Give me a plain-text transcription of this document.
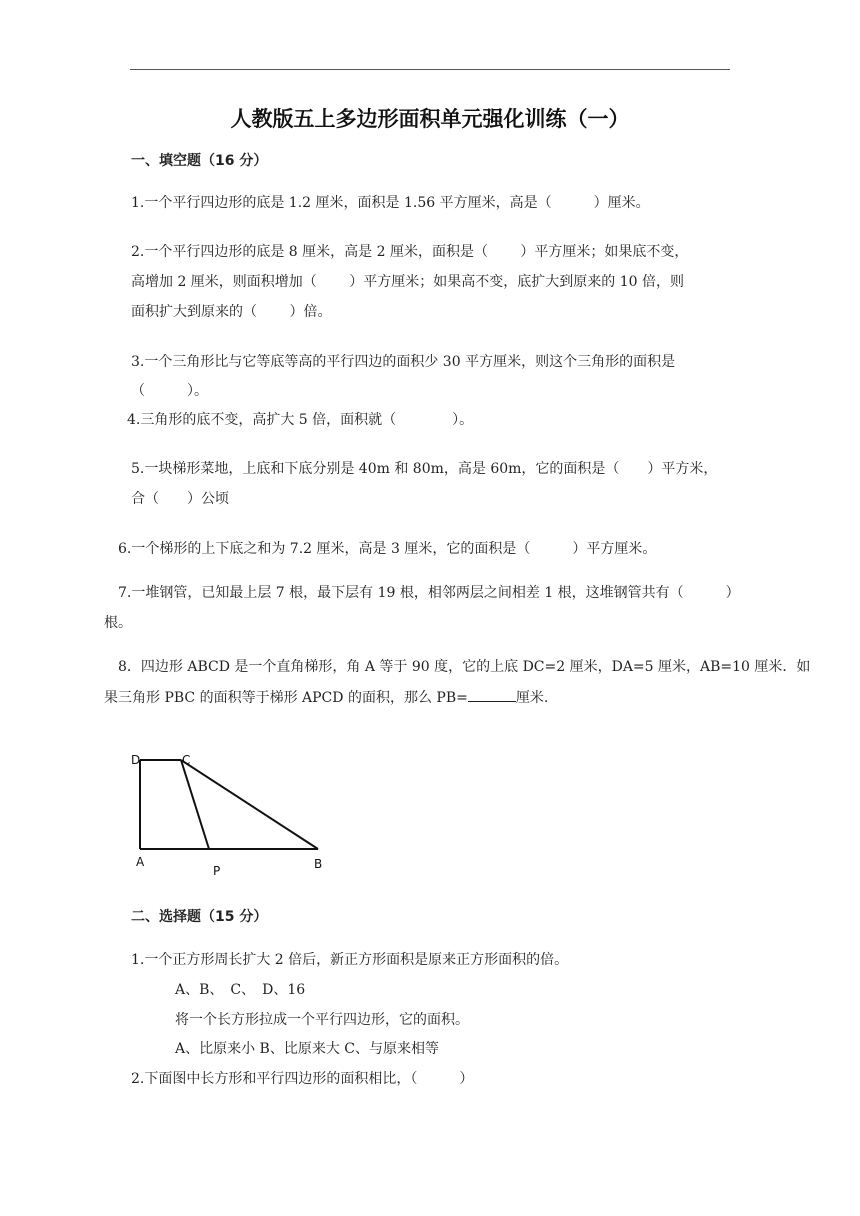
人教版五上多边形面积单元强化训练（一）
一、填空题（16 分）
1.一个平行四边形的底是 1.2 厘米，面积是 1.56 平方厘米，高是（　　　）厘米。
2.一个平行四边形的底是 8 厘米，高是 2 厘米，面积是（　　 ）平方厘米；如果底不变，
高增加 2 厘米，则面积增加（　　 ）平方厘米；如果高不变，底扩大到原来的 10 倍，则
面积扩大到原来的（　　 ）倍。
3.一个三角形比与它等底等高的平行四边的面积少 30 平方厘米，则这个三角形的面积是
（　　　）。
4.三角形的底不变，高扩大 5 倍，面积就（　　　　）。
5.一块梯形菜地，上底和下底分别是 40m 和 80m，高是 60m，它的面积是（　　）平方米，
合（　　）公顷
6.一个梯形的上下底之和为 7.2 厘米，高是 3 厘米，它的面积是（　　　）平方厘米。
7.一堆钢管，已知最上层 7 根，最下层有 19 根，相邻两层之间相差 1 根，这堆钢管共有（　　　）
根。
8．四边形 ABCD 是一个直角梯形，角 A 等于 90 度，它的上底 DC=2 厘米，DA=5 厘米，AB=10 厘米．如
果三角形 PBC 的面积等于梯形 APCD 的面积，那么 PB=	厘米.
D	C
A
P	B
二、选择题（15 分）
1.一个正方形周长扩大 2 倍后，新正方形面积是原来正方形面积的倍。
A、B、　C、　D、16
将一个长方形拉成一个平行四边形，它的面积。
A、比原来小 B、比原来大 C、与原来相等
2.下面图中长方形和平行四边形的面积相比，（　　　）
